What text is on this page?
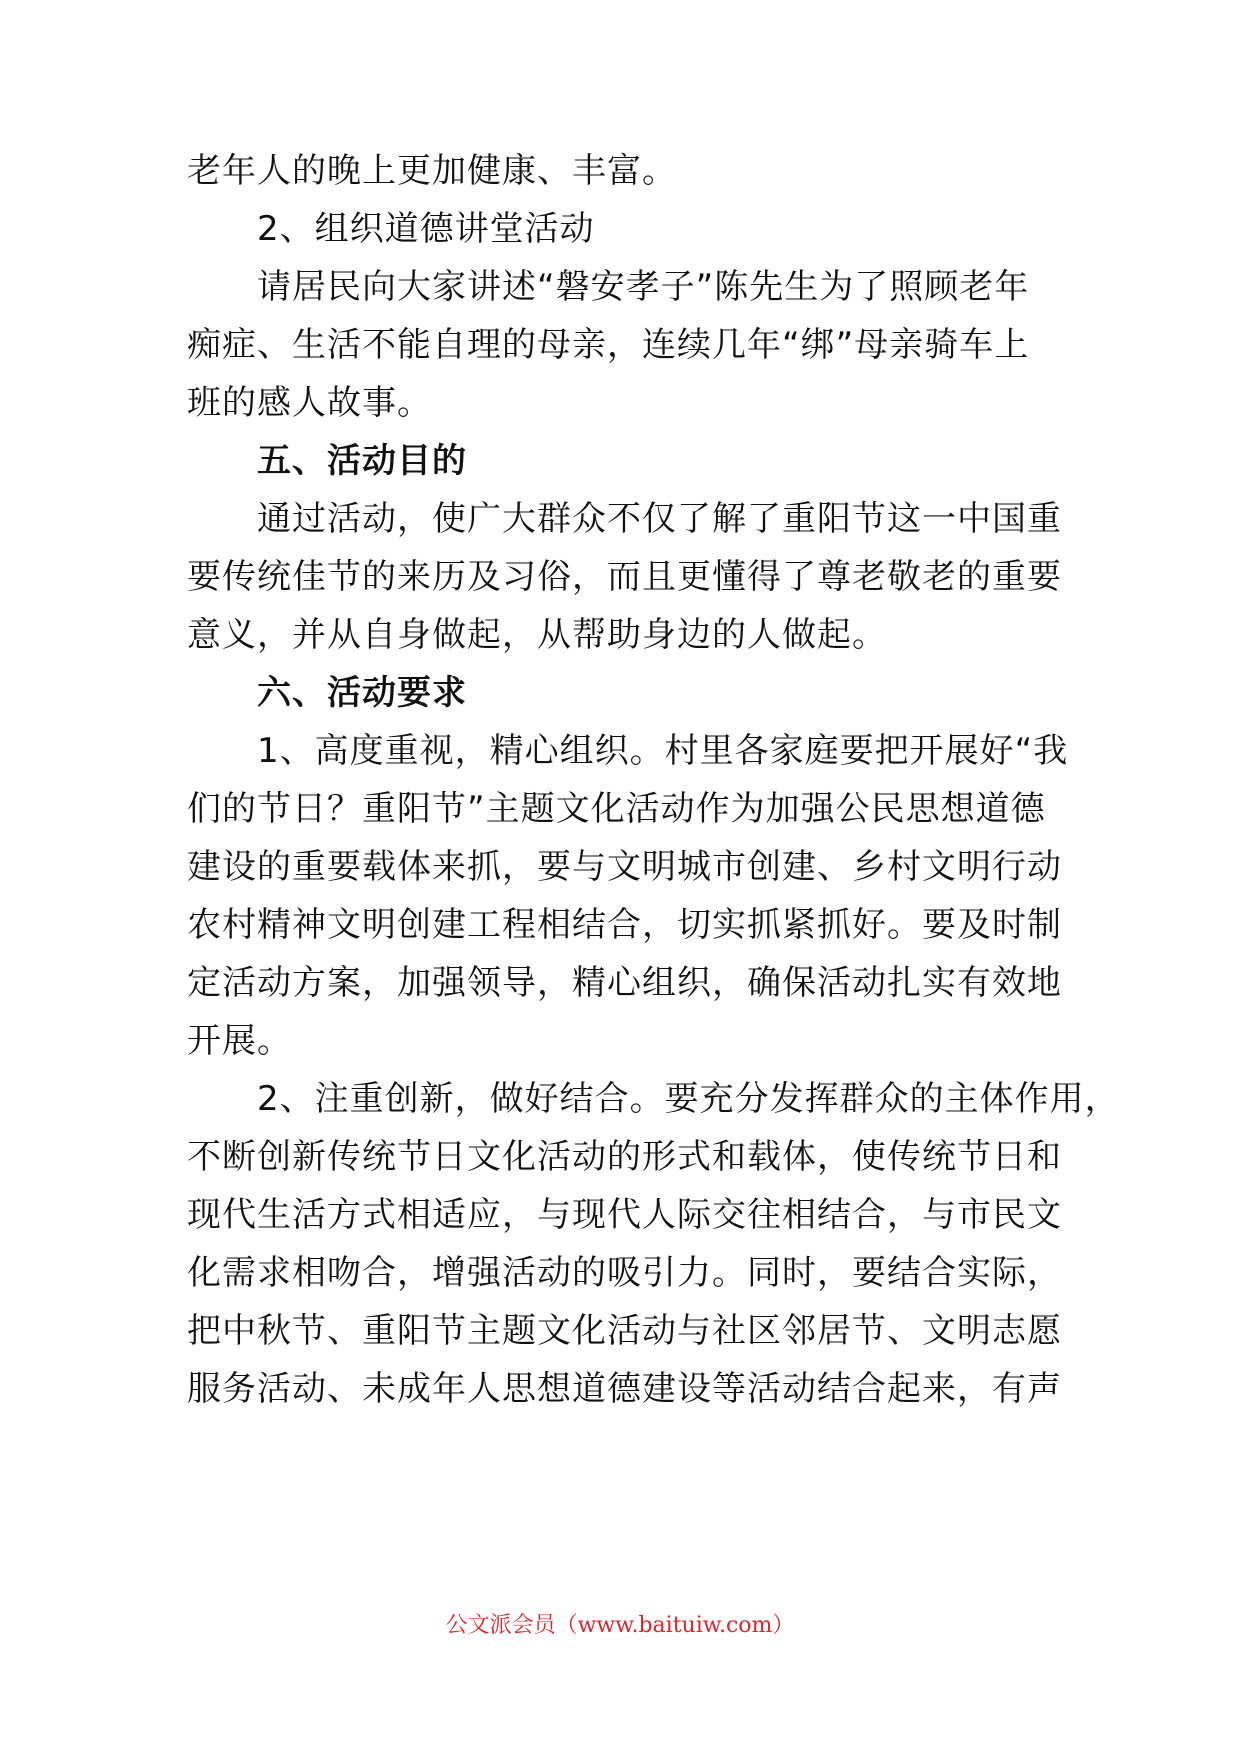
老年人的晚上更加健康、丰富。
2、组织道德讲堂活动
请居民向大家讲述“磐安孝子”陈先生为了照顾老年
痴症、生活不能自理的母亲，连续几年“绑”母亲骑车上
班的感人故事。
五、活动目的
通过活动，使广大群众不仅了解了重阳节这一中国重
要传统佳节的来历及习俗，而且更懂得了尊老敬老的重要
意义，并从自身做起，从帮助身边的人做起。
六、活动要求
1、高度重视，精心组织。村里各家庭要把开展好“我
们的节日？重阳节”主题文化活动作为加强公民思想道德
建设的重要载体来抓，要与文明城市创建、乡村文明行动
农村精神文明创建工程相结合，切实抓紧抓好。要及时制
定活动方案，加强领导，精心组织，确保活动扎实有效地
开展。
2、注重创新，做好结合。要充分发挥群众的主体作用，
不断创新传统节日文化活动的形式和载体，使传统节日和
现代生活方式相适应，与现代人际交往相结合，与市民文
化需求相吻合，增强活动的吸引力。同时，要结合实际，
把中秋节、重阳节主题文化活动与社区邻居节、文明志愿
服务活动、未成年人思想道德建设等活动结合起来，有声
公文派会员（www.baituiw.com）
